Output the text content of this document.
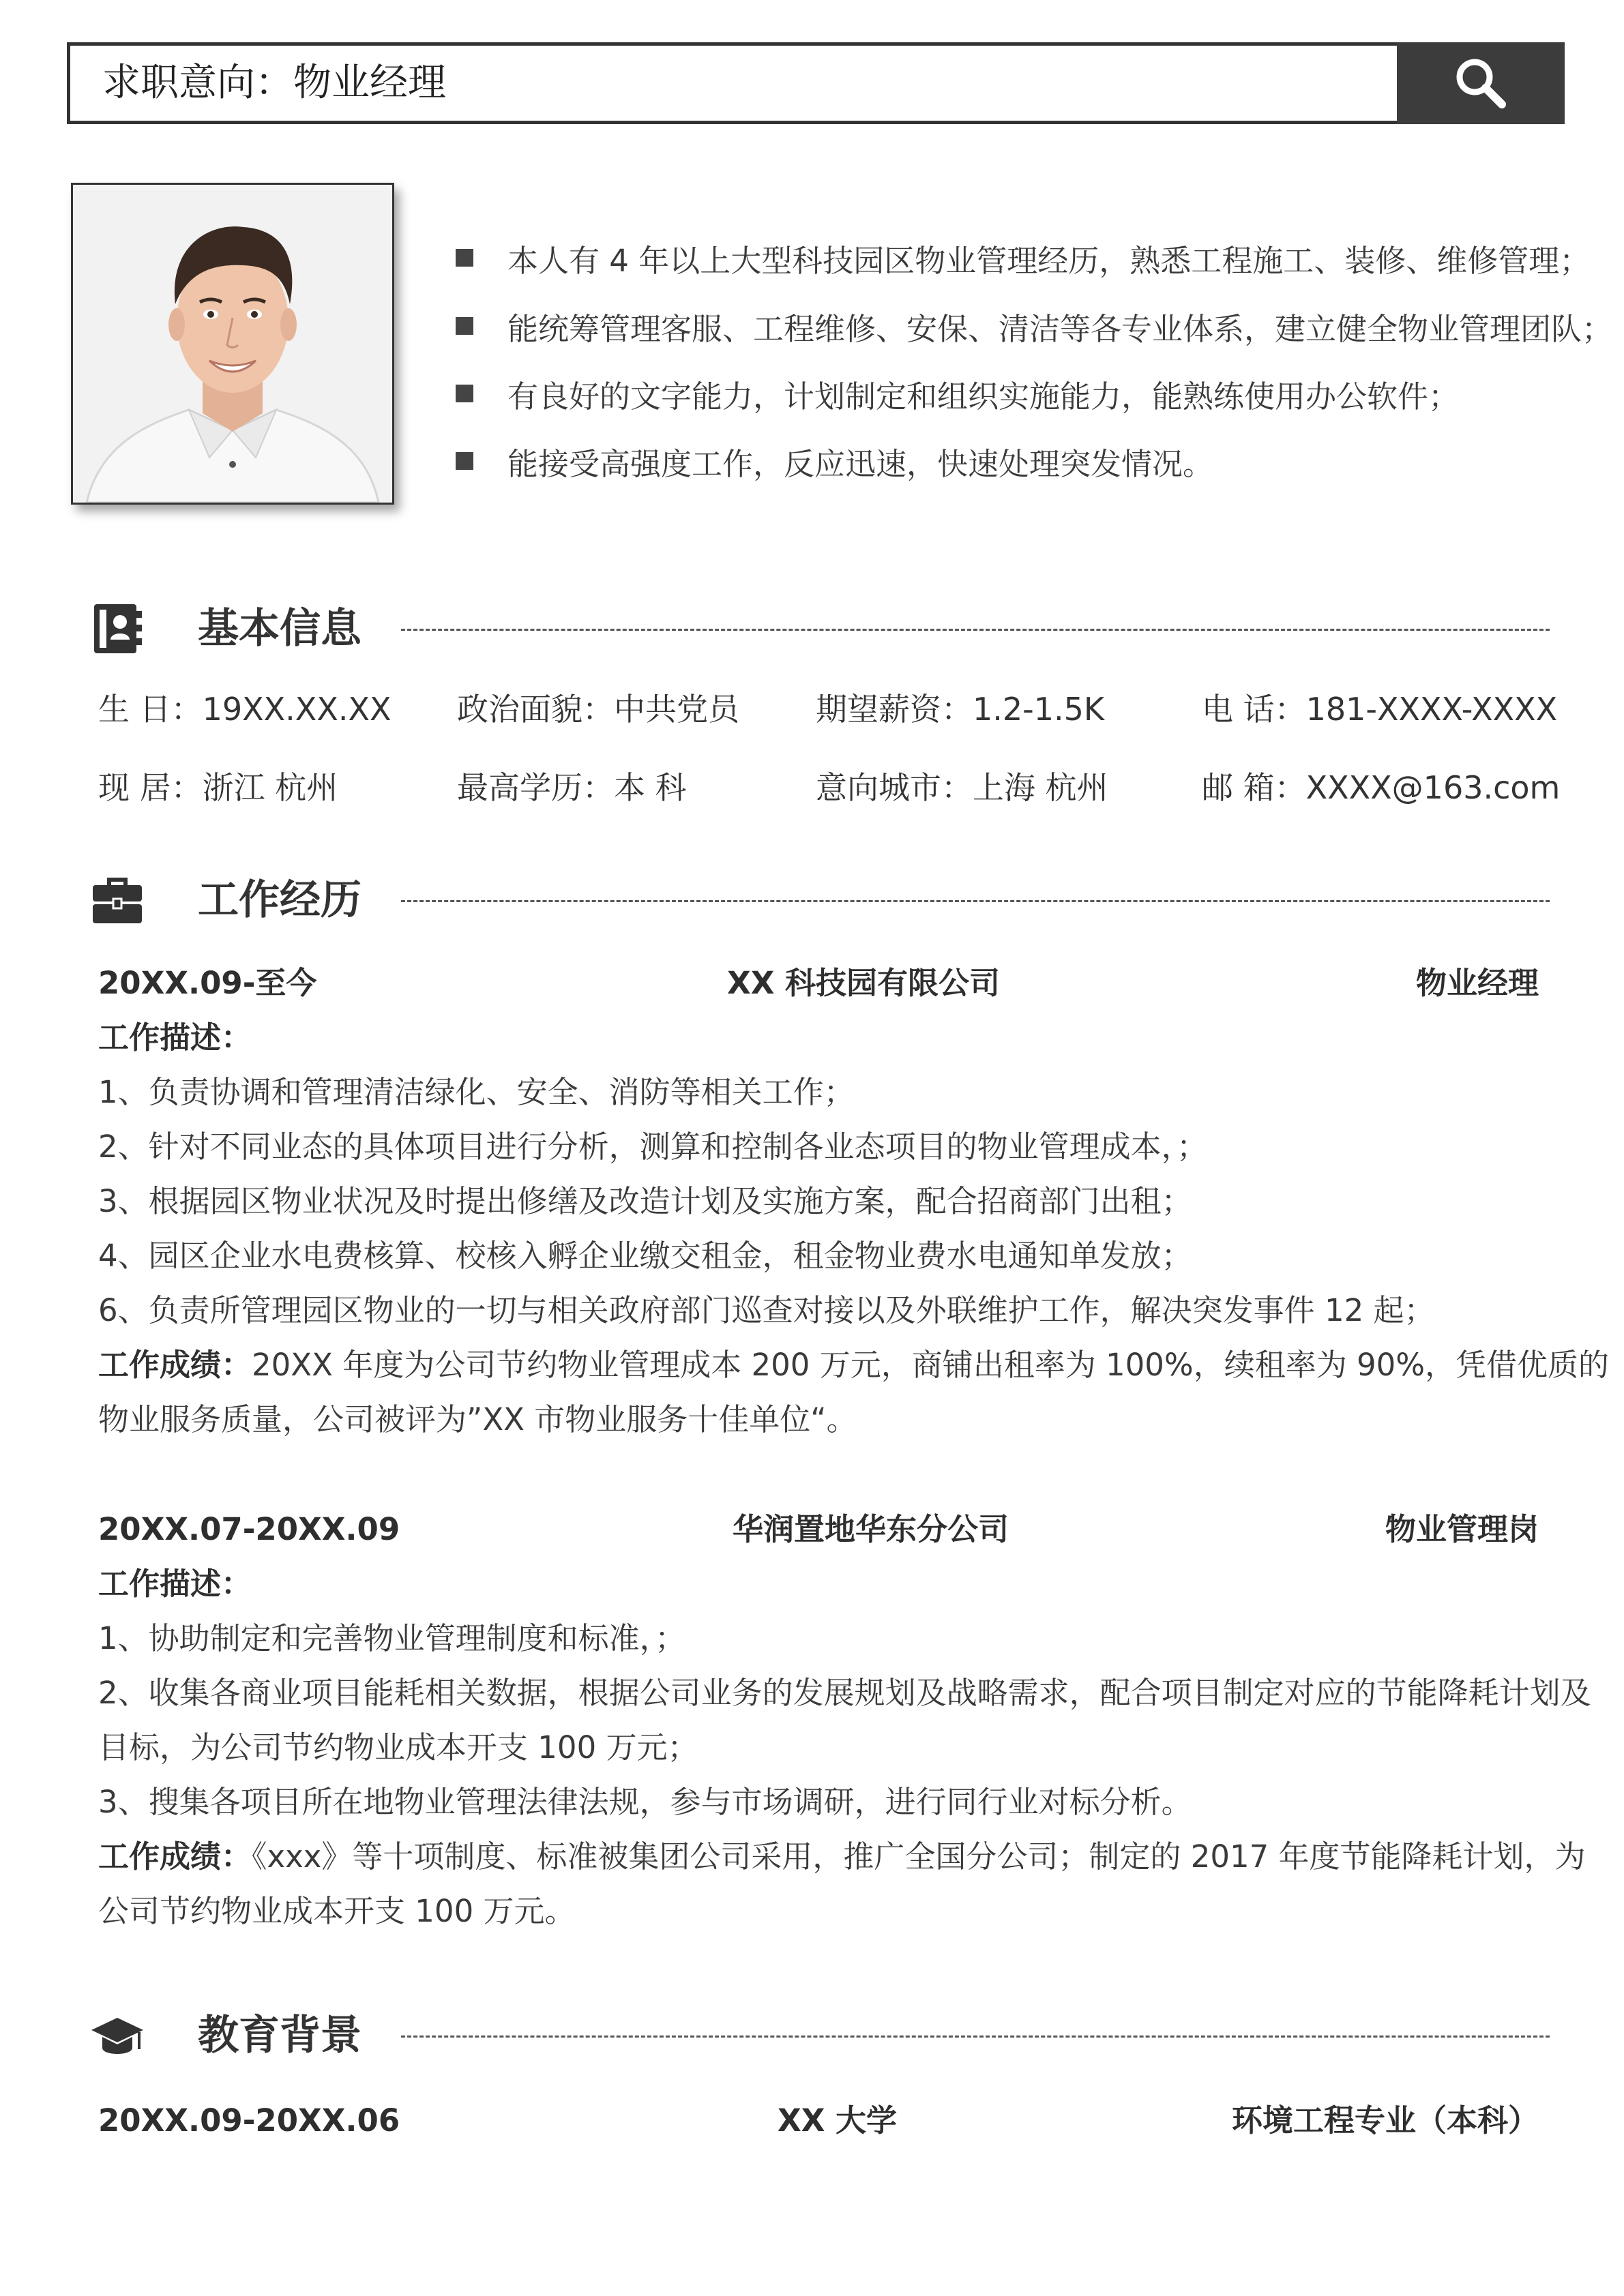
求职意向：物业经理
本人有 4 年以上大型科技园区物业管理经历，熟悉工程施工、装修、维修管理；
能统筹管理客服、工程维修、安保、清洁等各专业体系，建立健全物业管理团队；
有良好的文字能力，计划制定和组织实施能力，能熟练使用办公软件；
能接受高强度工作，反应迅速，快速处理突发情况。
基本信息
生 日：19XX.XX.XX 政治面貌：中共党员 期望薪资：1.2-1.5K	电 话：181-XXXX-XXXX
现 居：浙江 杭州	最高学历：本 科	意向城市：上海 杭州	邮 箱：XXXX@163.com
工作经历
20XX.09-至今	XX 科技园有限公司	物业经理
工作描述：
1、负责协调和管理清洁绿化、安全、消防等相关工作；
2、针对不同业态的具体项目进行分析，测算和控制各业态项目的物业管理成本，；
3、根据园区物业状况及时提出修缮及改造计划及实施方案，配合招商部门出租；
4、园区企业水电费核算、校核入孵企业缴交租金，租金物业费水电通知单发放；
6、负责所管理园区物业的一切与相关政府部门巡查对接以及外联维护工作，解决突发事件 12 起；
工作成绩：20XX 年度为公司节约物业管理成本 200 万元，商铺出租率为 100%，续租率为 90%，凭借优质的
物业服务质量，公司被评为”XX 市物业服务十佳单位“。
20XX.07-20XX.09	华润置地华东分公司	物业管理岗
工作描述：
1、协助制定和完善物业管理制度和标准，；
2、收集各商业项目能耗相关数据，根据公司业务的发展规划及战略需求，配合项目制定对应的节能降耗计划及
目标，为公司节约物业成本开支 100 万元；
3、搜集各项目所在地物业管理法律法规，参与市场调研，进行同行业对标分析。
工作成绩：《xxx》等十项制度、标准被集团公司采用，推广全国分公司；制定的 2017 年度节能降耗计划，为
公司节约物业成本开支 100 万元。
教育背景
20XX.09-20XX.06	XX 大学	环境工程专业（本科）
